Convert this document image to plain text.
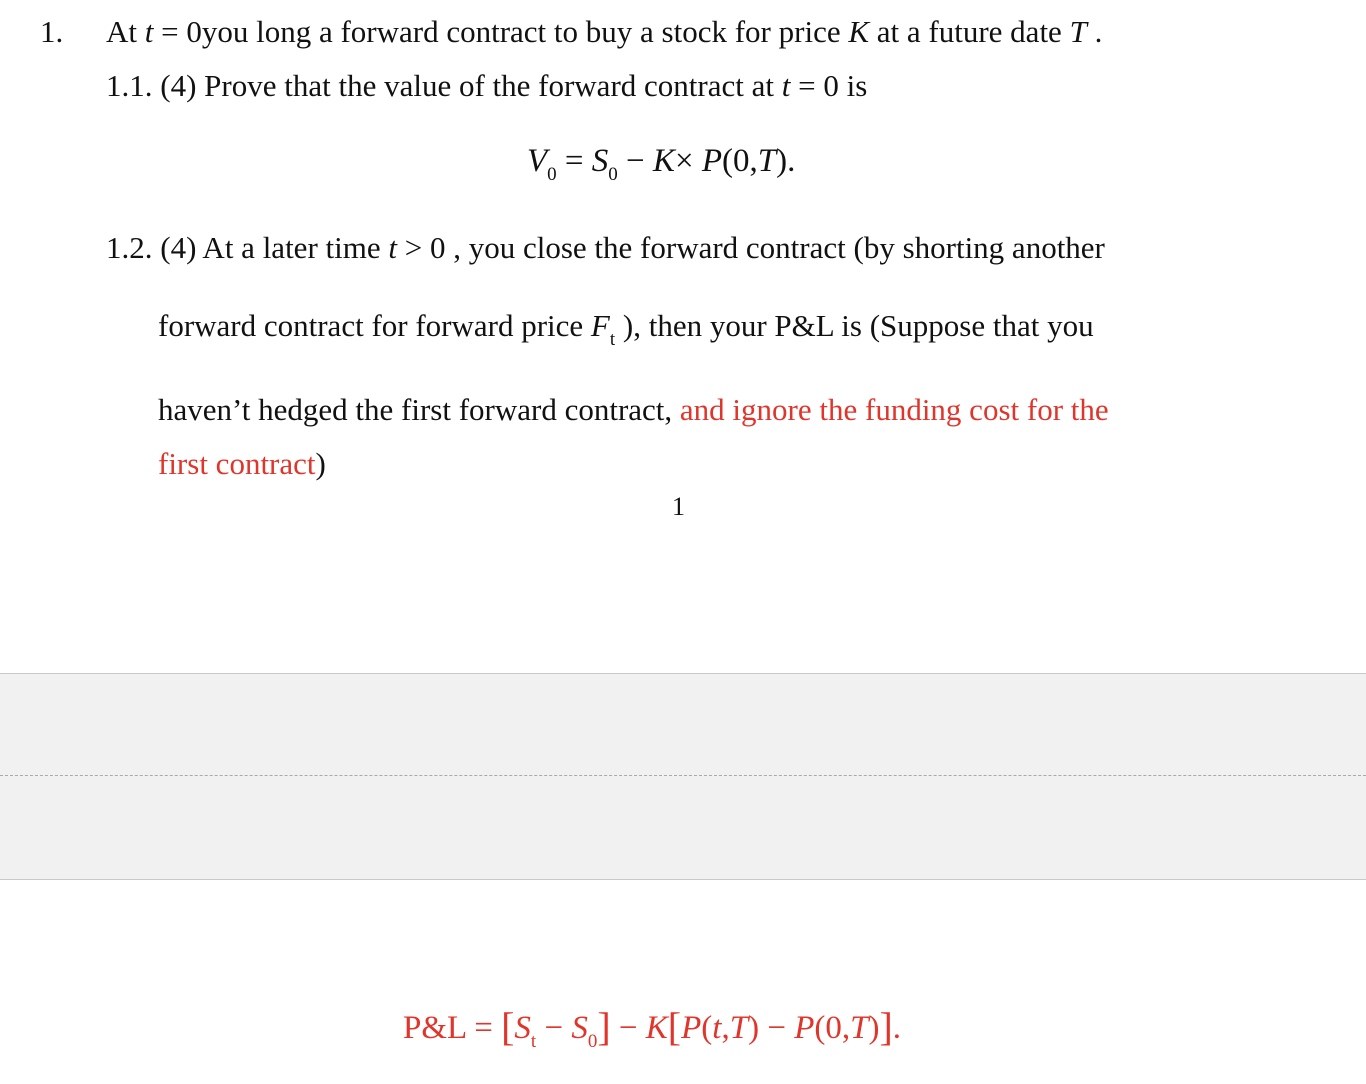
1. At t = 0you long a forward contract to buy a stock for price K at a future date T .
1.1. (4) Prove that the value of the forward contract at t = 0 is
$V_0 = S_0 - K\times P(0,T)$.
1.2. (4) At a later time t > 0 , you close the forward contract (by shorting another
forward contract for forward price $F_t$ ), then your P&L is (Suppose that you
haven’t hedged the first forward contract, and ignore the funding cost for the
first contract)
1
P&L = $[S_t - S_0] - K[P(t,T) - P(0,T)]$.
